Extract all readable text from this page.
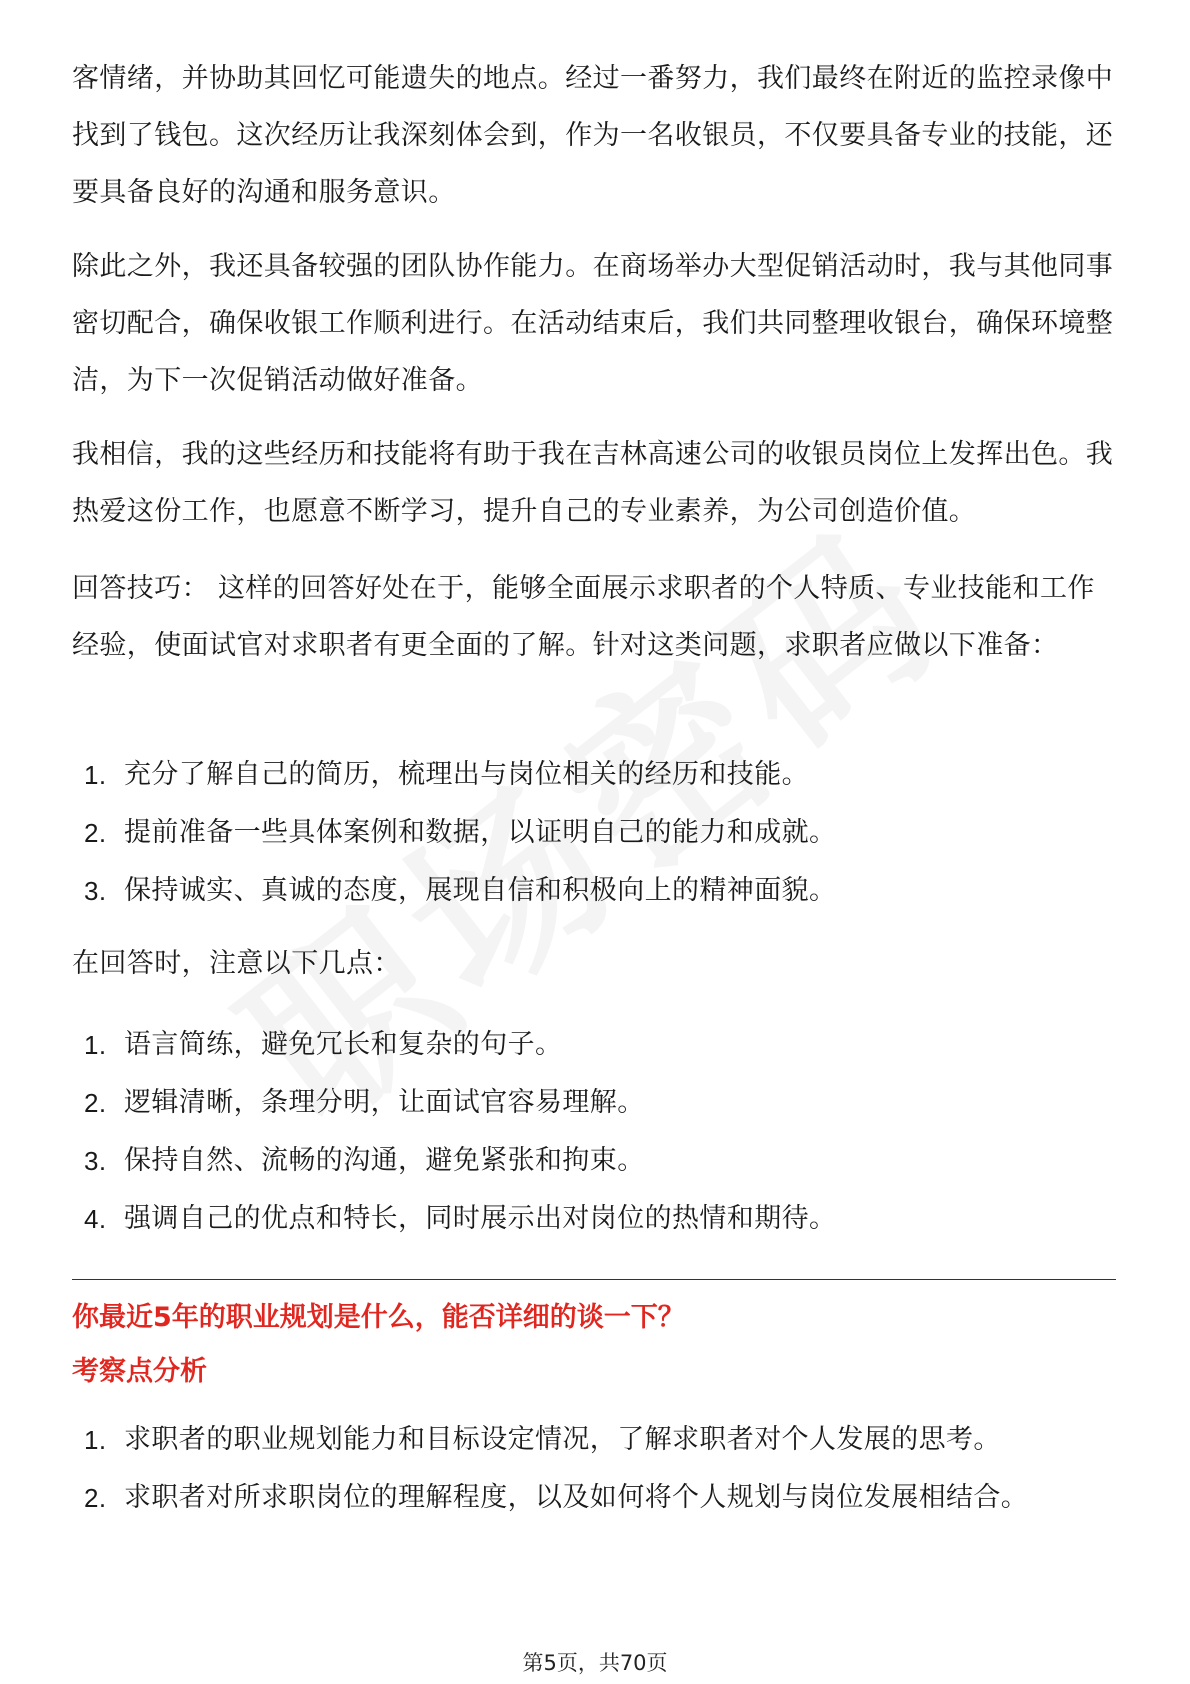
客情绪，并协助其回忆可能遗失的地点。经过一番努力，我们最终在附近的监控录像中找到了钱包。这次经历让我深刻体会到，作为一名收银员，不仅要具备专业的技能，还要具备良好的沟通和服务意识。

除此之外，我还具备较强的团队协作能力。在商场举办大型促销活动时，我与其他同事密切配合，确保收银工作顺利进行。在活动结束后，我们共同整理收银台，确保环境整洁，为下一次促销活动做好准备。

我相信，我的这些经历和技能将有助于我在吉林高速公司的收银员岗位上发挥出色。我热爱这份工作，也愿意不断学习，提升自己的专业素养，为公司创造价值。

回答技巧： 这样的回答好处在于，能够全面展示求职者的个人特质、专业技能和工作经验，使面试官对求职者有更全面的了解。针对这类问题，求职者应做以下准备：

1. 充分了解自己的简历，梳理出与岗位相关的经历和技能。
2. 提前准备一些具体案例和数据，以证明自己的能力和成就。
3. 保持诚实、真诚的态度，展现自信和积极向上的精神面貌。

在回答时，注意以下几点：

1. 语言简练，避免冗长和复杂的句子。
2. 逻辑清晰，条理分明，让面试官容易理解。
3. 保持自然、流畅的沟通，避免紧张和拘束。
4. 强调自己的优点和特长，同时展示出对岗位的热情和期待。

你最近5年的职业规划是什么，能否详细的谈一下？

考察点分析

1. 求职者的职业规划能力和目标设定情况，了解求职者对个人发展的思考。
2. 求职者对所求职岗位的理解程度，以及如何将个人规划与岗位发展相结合。
第5页，共70页
